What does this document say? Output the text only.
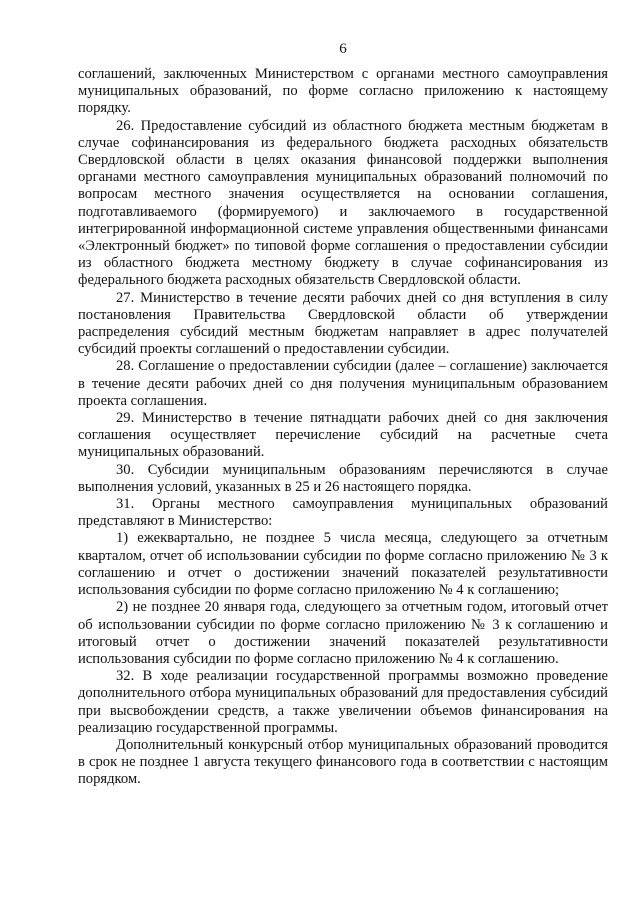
6

соглашений, заключенных Министерством с органами местного самоуправления муниципальных образований, по форме согласно приложению к настоящему порядку.

26. Предоставление субсидий из областного бюджета местным бюджетам в случае софинансирования из федерального бюджета расходных обязательств Свердловской области в целях оказания финансовой поддержки выполнения органами местного самоуправления муниципальных образований полномочий по вопросам местного значения осуществляется на основании соглашения, подготавливаемого (формируемого) и заключаемого в государственной интегрированной информационной системе управления общественными финансами «Электронный бюджет» по типовой форме соглашения о предоставлении субсидии из областного бюджета местному бюджету в случае софинансирования из федерального бюджета расходных обязательств Свердловской области.

27. Министерство в течение десяти рабочих дней со дня вступления в силу постановления Правительства Свердловской области об утверждении распределения субсидий местным бюджетам направляет в адрес получателей субсидий проекты соглашений о предоставлении субсидии.

28. Соглашение о предоставлении субсидии (далее – соглашение) заключается в течение десяти рабочих дней со дня получения муниципальным образованием проекта соглашения.

29. Министерство в течение пятнадцати рабочих дней со дня заключения соглашения осуществляет перечисление субсидий на расчетные счета муниципальных образований.

30. Субсидии муниципальным образованиям перечисляются в случае выполнения условий, указанных в 25 и 26 настоящего порядка.

31. Органы местного самоуправления муниципальных образований представляют в Министерство:

1) ежеквартально, не позднее 5 числа месяца, следующего за отчетным кварталом, отчет об использовании субсидии по форме согласно приложению № 3 к соглашению и отчет о достижении значений показателей результативности использования субсидии по форме согласно приложению № 4 к соглашению;

2) не позднее 20 января года, следующего за отчетным годом, итоговый отчет об использовании субсидии по форме согласно приложению № 3 к соглашению и итоговый отчет о достижении значений показателей результативности использования субсидии по форме согласно приложению № 4 к соглашению.

32. В ходе реализации государственной программы возможно проведение дополнительного отбора муниципальных образований для предоставления субсидий при высвобождении средств, а также увеличении объемов финансирования на реализацию государственной программы.

Дополнительный конкурсный отбор муниципальных образований проводится в срок не позднее 1 августа текущего финансового года в соответствии с настоящим порядком.
